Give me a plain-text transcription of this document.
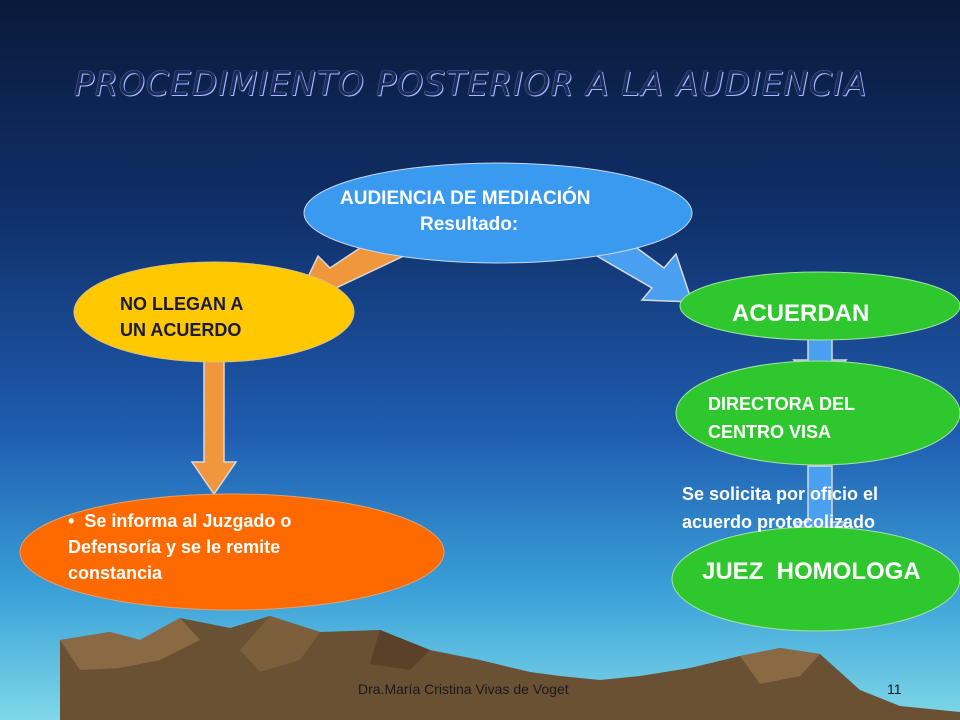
PROCEDIMIENTO POSTERIOR A LA AUDIENCIA
AUDIENCIA DE MEDIACIÓN
Resultado:
NO LLEGAN A
UN ACUERDO
ACUERDAN
DIRECTORA DEL
CENTRO VISA
• Se informa al Juzgado o
Defensoría y se le remite
constancia
Se solicita por oficio el
acuerdo protocolizado
JUEZ  HOMOLOGA
Dra.María Cristina Vivas de Voget	11
